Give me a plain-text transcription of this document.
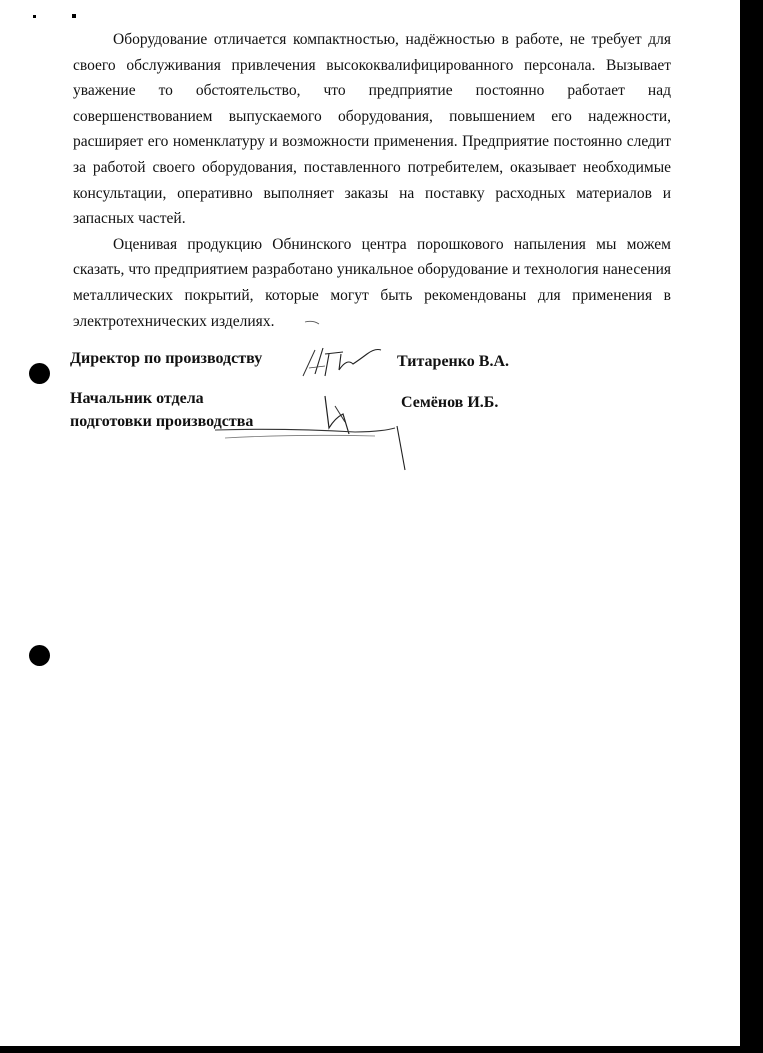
Оборудование отличается компактностью, надёжностью в работе, не требует для своего обслуживания привлечения высококвалифицированного персонала. Вызывает уважение то обстоятельство, что предприятие постоянно работает над совершенствованием выпускаемого оборудования, повышением его надежности, расширяет его номенклатуру и возможности применения. Предприятие постоянно следит за работой своего оборудования, поставленного потребителем, оказывает необходимые консультации, оперативно выполняет заказы на поставку расходных материалов и запасных частей.

Оценивая продукцию Обнинского центра порошкового напыления мы можем сказать, что предприятием разработано уникальное оборудование и технология нанесения металлических покрытий, которые могут быть рекомендованы для применения в электротехнических изделиях.

Директор по производству	Титаренко В.А.
Начальник отдела
подготовки производства
Семёнов И.Б.
